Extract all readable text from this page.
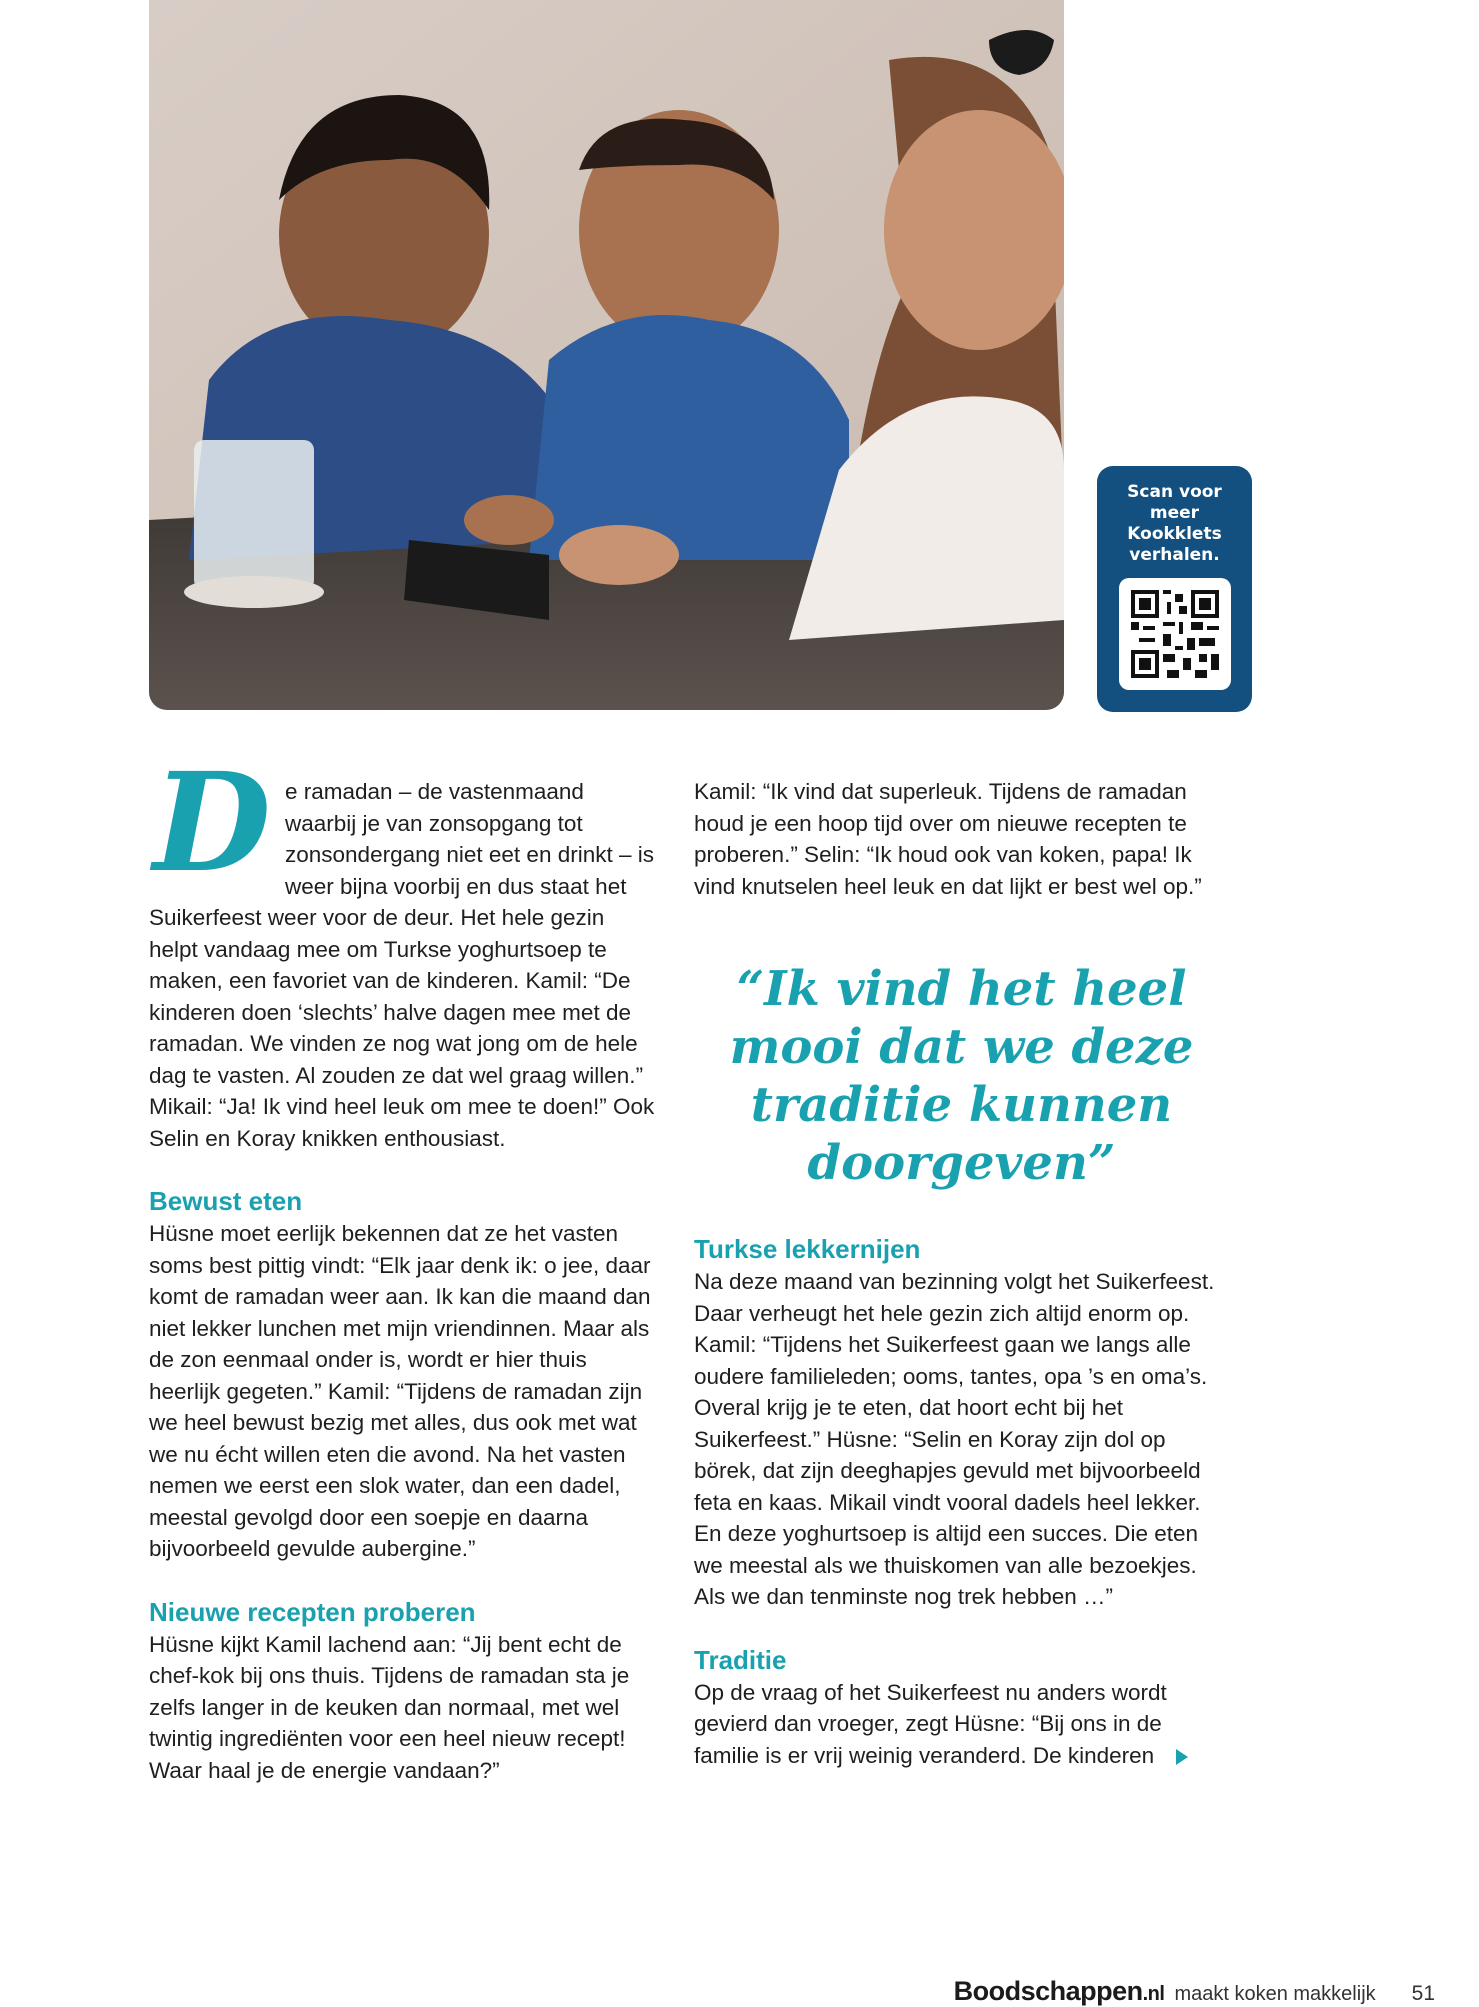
Scan voor meer Kookklets verhalen.

D e ramadan – de vastenmaand waarbij je van zonsopgang tot zonsondergang niet eet en drinkt – is weer bijna voorbij en dus staat het Suikerfeest weer voor de deur. Het hele gezin helpt vandaag mee om Turkse yoghurtsoep te maken, een favoriet van de kinderen. Kamil: “De kinderen doen ‘slechts’ halve dagen mee met de ramadan. We vinden ze nog wat jong om de hele dag te vasten. Al zouden ze dat wel graag willen.” Mikail: “Ja! Ik vind heel leuk om mee te doen!” Ook Selin en Koray knikken enthousiast.

Bewust eten

Hüsne moet eerlijk bekennen dat ze het vasten soms best pittig vindt: “Elk jaar denk ik: o jee, daar komt de ramadan weer aan. Ik kan die maand dan niet lekker lunchen met mijn vriendinnen. Maar als de zon eenmaal onder is, wordt er hier thuis heerlijk gegeten.” Kamil: “Tijdens de ramadan zijn we heel bewust bezig met alles, dus ook met wat we nu écht willen eten die avond. Na het vasten nemen we eerst een slok water, dan een dadel, meestal gevolgd door een soepje en daarna bijvoorbeeld gevulde aubergine.”

Nieuwe recepten proberen

Hüsne kijkt Kamil lachend aan: “Jij bent echt de chef-kok bij ons thuis. Tijdens de ramadan sta je zelfs langer in de keuken dan normaal, met wel twintig ingrediënten voor een heel nieuw recept! Waar haal je de energie vandaan?”

Kamil: “Ik vind dat superleuk. Tijdens de ramadan houd je een hoop tijd over om nieuwe recepten te proberen.” Selin: “Ik houd ook van koken, papa! Ik vind knutselen heel leuk en dat lijkt er best wel op.”

“Ik vind het heel mooi dat we deze traditie kunnen doorgeven”

Turkse lekkernijen

Na deze maand van bezinning volgt het Suikerfeest. Daar verheugt het hele gezin zich altijd enorm op. Kamil: “Tijdens het Suikerfeest gaan we langs alle oudere familieleden; ooms, tantes, opa ’s en oma’s. Overal krijg je te eten, dat hoort echt bij het Suikerfeest.” Hüsne: “Selin en Koray zijn dol op börek, dat zijn deeghapjes gevuld met bijvoorbeeld feta en kaas. Mikail vindt vooral dadels heel lekker. En deze yoghurtsoep is altijd een succes. Die eten we meestal als we thuiskomen van alle bezoekjes. Als we dan tenminste nog trek hebben …”

Traditie

Op de vraag of het Suikerfeest nu anders wordt gevierd dan vroeger, zegt Hüsne: “Bij ons in de familie is er vrij weinig veranderd. De kinderen

Boodschappen.nl maakt koken makkelijk 51
